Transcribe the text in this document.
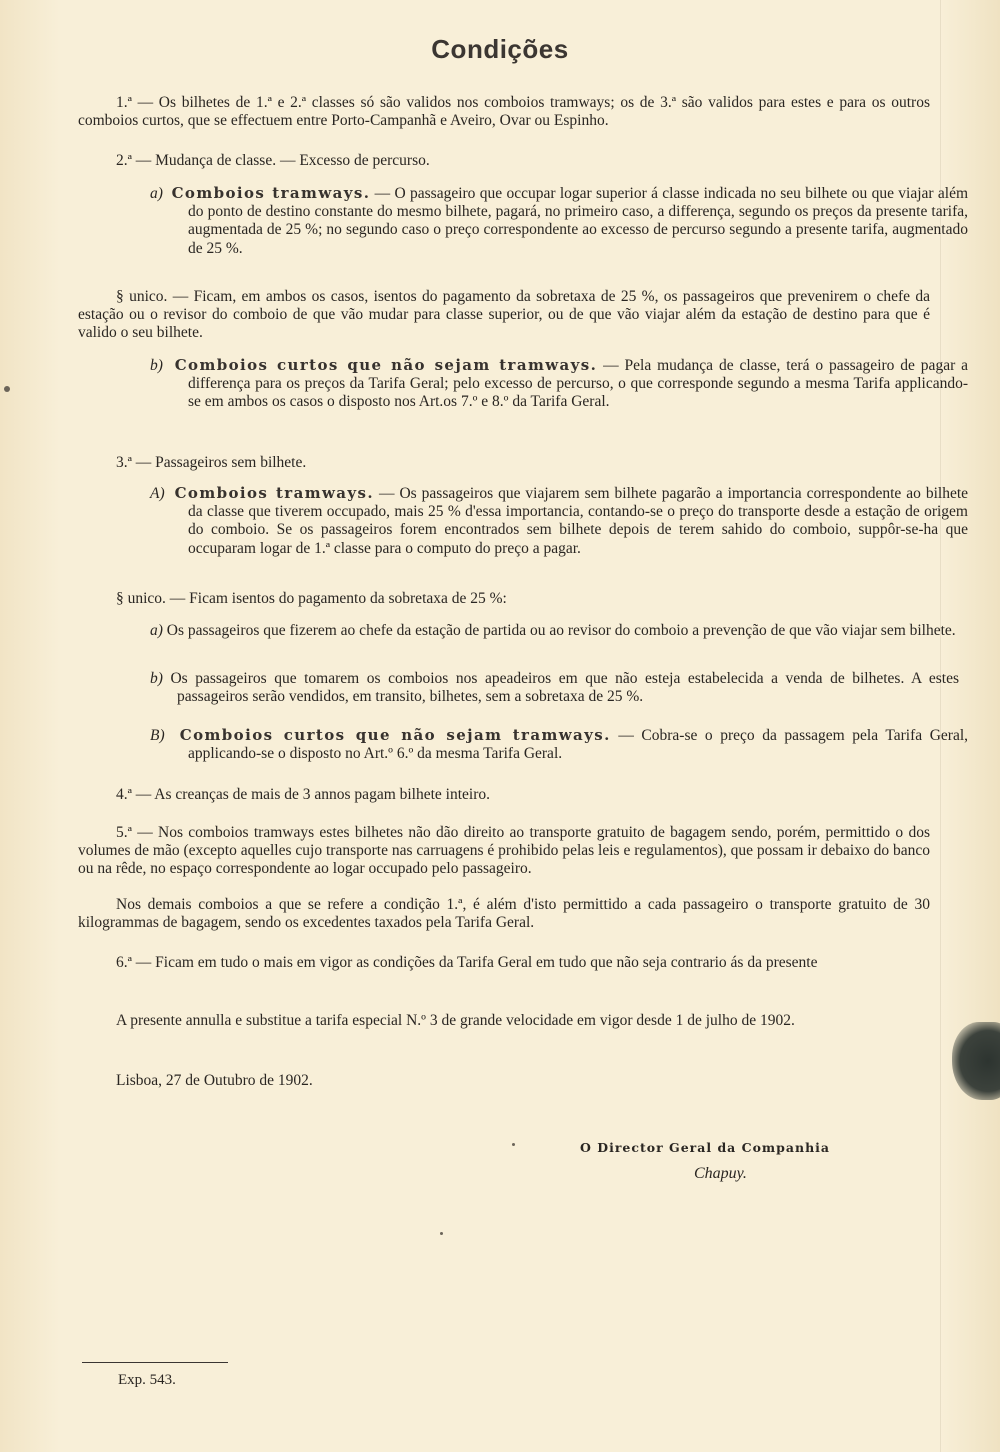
Condições

1.ª — Os bilhetes de 1.ª e 2.ª classes só são validos nos comboios tramways; os de 3.ª são validos para estes e para os outros comboios curtos, que se effectuem entre Porto-Campanhã e Aveiro, Ovar ou Espinho.

2.ª — Mudança de classe. — Excesso de percurso.

a) Comboios tramways. — O passageiro que occupar logar superior á classe indicada no seu bilhete ou que viajar além do ponto de destino constante do mesmo bilhete, pagará, no primeiro caso, a differença, segundo os preços da presente tarifa, augmentada de 25 %; no segundo caso o preço correspondente ao excesso de percurso segundo a presente tarifa, augmentado de 25 %.

§ unico. — Ficam, em ambos os casos, isentos do pagamento da sobretaxa de 25 %, os passageiros que prevenirem o chefe da estação ou o revisor do comboio de que vão mudar para classe superior, ou de que vão viajar além da estação de destino para que é valido o seu bilhete.

b) Comboios curtos que não sejam tramways. — Pela mudança de classe, terá o passageiro de pagar a differença para os preços da Tarifa Geral; pelo excesso de percurso, o que corresponde segundo a mesma Tarifa applicando-se em ambos os casos o disposto nos Art.os 7.º e 8.º da Tarifa Geral.

3.ª — Passageiros sem bilhete.

A) Comboios tramways. — Os passageiros que viajarem sem bilhete pagarão a importancia correspondente ao bilhete da classe que tiverem occupado, mais 25 % d'essa importancia, contando-se o preço do transporte desde a estação de origem do comboio. Se os passageiros forem encontrados sem bilhete depois de terem sahido do comboio, suppôr-se-ha que occuparam logar de 1.ª classe para o computo do preço a pagar.

§ unico. — Ficam isentos do pagamento da sobretaxa de 25 %:

a) Os passageiros que fizerem ao chefe da estação de partida ou ao revisor do comboio a prevenção de que vão viajar sem bilhete.

b) Os passageiros que tomarem os comboios nos apeadeiros em que não esteja estabelecida a venda de bilhetes. A estes passageiros serão vendidos, em transito, bilhetes, sem a sobretaxa de 25 %.

B) Comboios curtos que não sejam tramways. — Cobra-se o preço da passagem pela Tarifa Geral, applicando-se o disposto no Art.º 6.º da mesma Tarifa Geral.

4.ª — As creanças de mais de 3 annos pagam bilhete inteiro.

5.ª — Nos comboios tramways estes bilhetes não dão direito ao transporte gratuito de bagagem sendo, porém, permittido o dos volumes de mão (excepto aquelles cujo transporte nas carruagens é prohibido pelas leis e regulamentos), que possam ir debaixo do banco ou na rêde, no espaço correspondente ao logar occupado pelo passageiro.

Nos demais comboios a que se refere a condição 1.ª, é além d'isto permittido a cada passageiro o transporte gratuito de 30 kilogrammas de bagagem, sendo os excedentes taxados pela Tarifa Geral.

6.ª — Ficam em tudo o mais em vigor as condições da Tarifa Geral em tudo que não seja contrario ás da presente

A presente annulla e substitue a tarifa especial N.º 3 de grande velocidade em vigor desde 1 de julho de 1902.

Lisboa, 27 de Outubro de 1902.

O Director Geral da Companhia
Chapuy.
Exp. 543.
